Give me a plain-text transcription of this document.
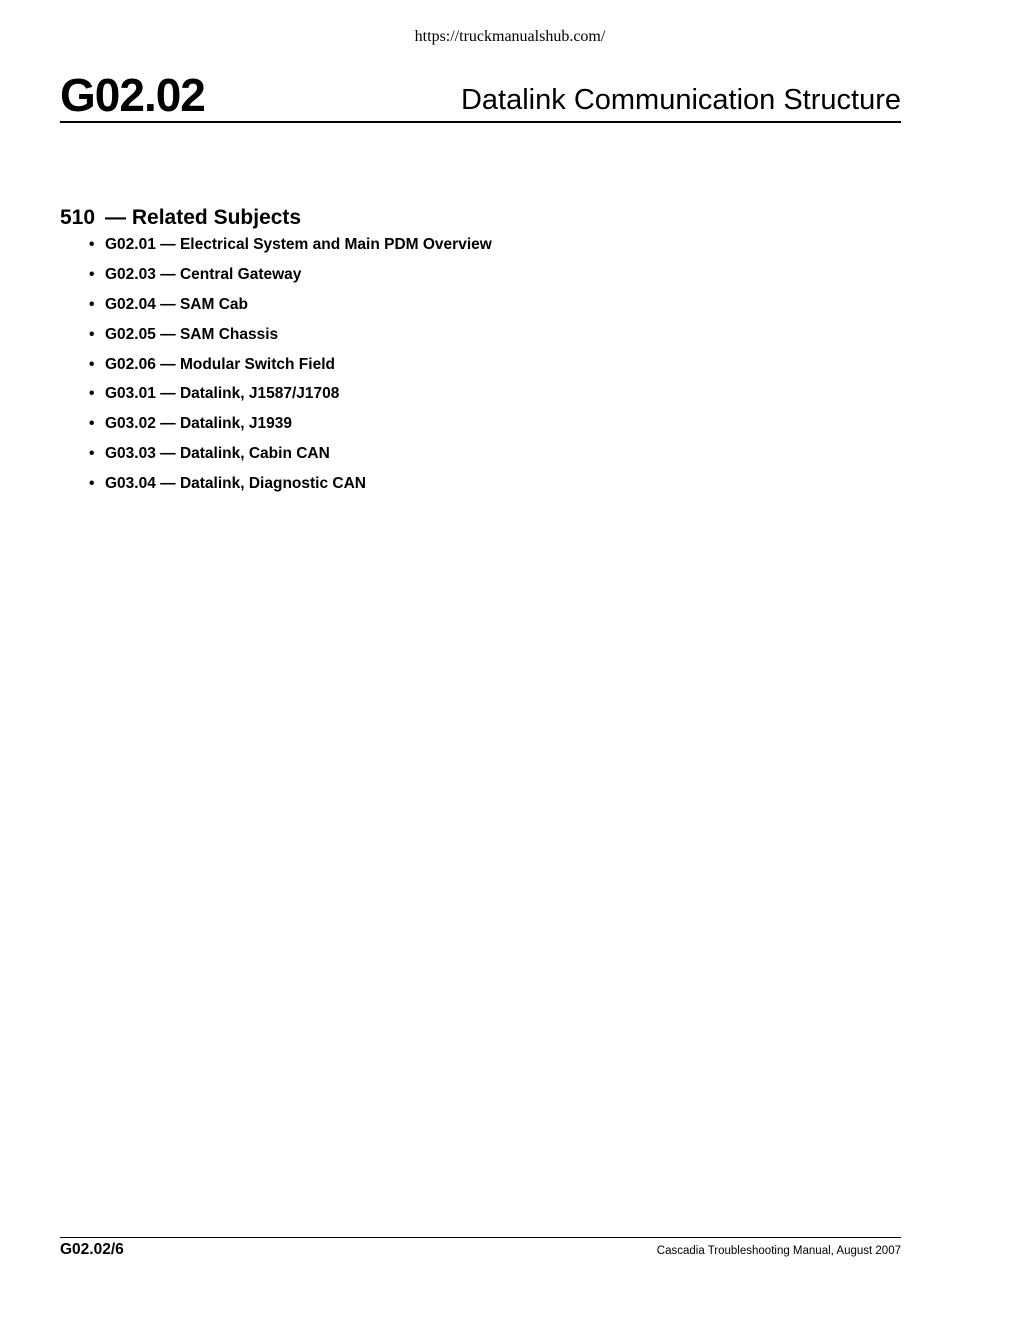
https://truckmanualshub.com/
G02.02	Datalink Communication Structure
510 — Related Subjects
• G02.01 — Electrical System and Main PDM Overview
• G02.03 — Central Gateway
• G02.04 — SAM Cab
• G02.05 — SAM Chassis
• G02.06 — Modular Switch Field
• G03.01 — Datalink, J1587/J1708
• G03.02 — Datalink, J1939
• G03.03 — Datalink, Cabin CAN
• G03.04 — Datalink, Diagnostic CAN
G02.02/6	Cascadia Troubleshooting Manual, August 2007
